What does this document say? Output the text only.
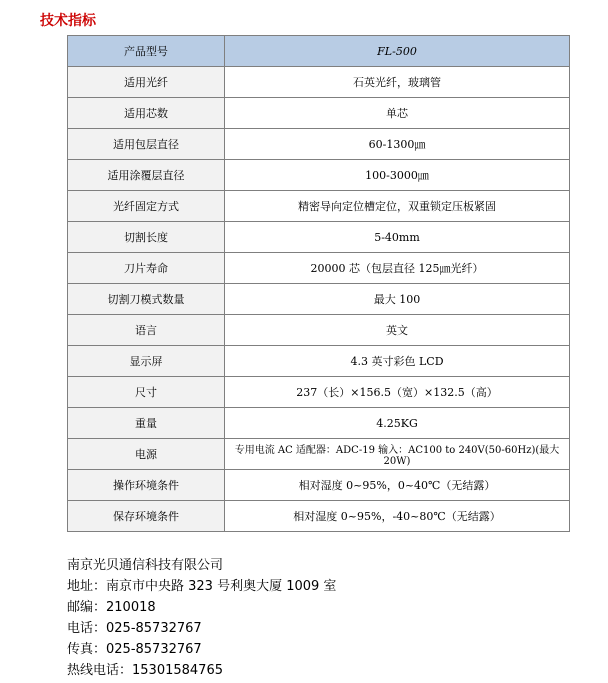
技术指标
产品型号	FL-500
适用光纤	石英光纤，玻璃管
适用芯数	单芯
适用包层直径	60-1300㎛
适用涂覆层直径	100-3000㎛
光纤固定方式	精密导向定位槽定位，双重锁定压板紧固
切割长度	5-40mm
刀片寿命	20000 芯（包层直径 125㎛光纤）
切割刀模式数量	最大 100
语言	英文
显示屏	4.3 英寸彩色 LCD
尺寸	237（长）×156.5（宽）×132.5（高）
重量	4.25KG
电源	专用电流 AC 适配器：ADC-19 输入：AC100 to 240V(50-60Hz)(最大 20W)
操作环境条件	相对湿度 0~95%，0~40℃（无结露）
保存环境条件	相对湿度 0~95%，-40~80℃（无结露）
南京光贝通信科技有限公司
地址：南京市中央路 323 号利奥大厦 1009 室
邮编：210018
电话：025-85732767
传真：025-85732767
热线电话：15301584765
